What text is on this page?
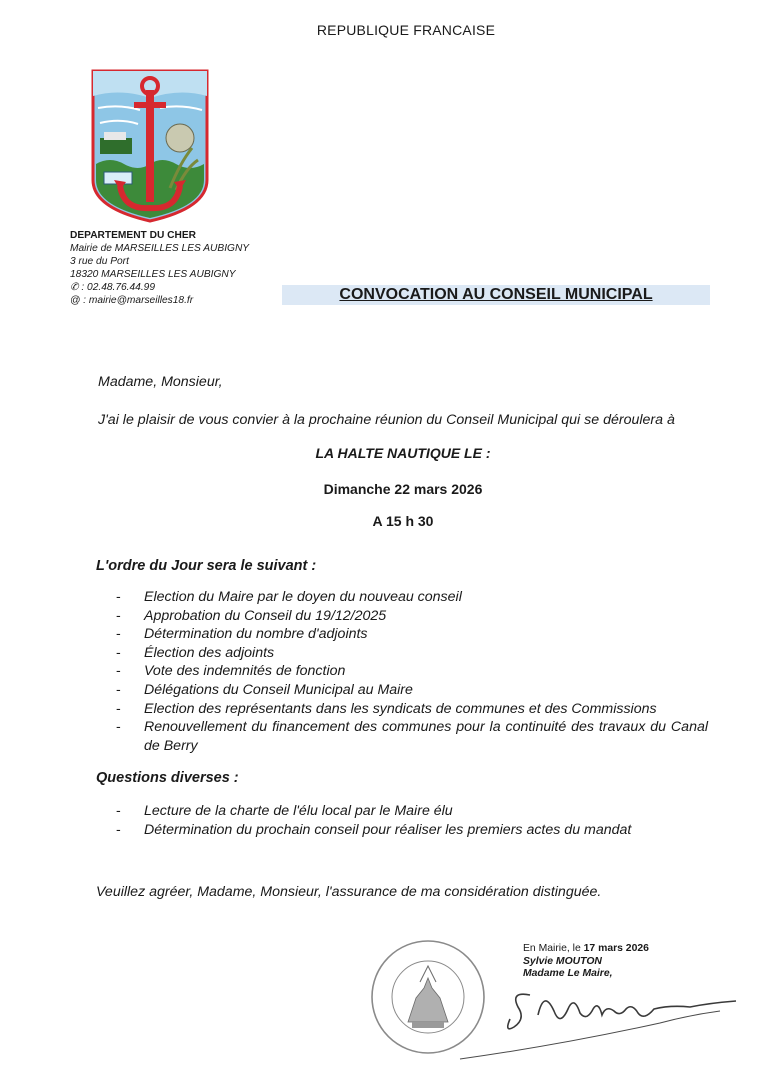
REPUBLIQUE FRANCAISE
DEPARTEMENT DU CHER
Mairie de MARSEILLES LES AUBIGNY
3 rue du Port
18320 MARSEILLES LES AUBIGNY
✆ : 02.48.76.44.99
@ : mairie@marseilles18.fr	CONVOCATION AU CONSEIL MUNICIPAL
Madame, Monsieur,
J'ai le plaisir de vous convier à la prochaine réunion du Conseil Municipal qui se déroulera à
LA HALTE NAUTIQUE LE :
Dimanche 22 mars 2026
A 15 h 30
L'ordre du Jour sera le suivant :
- Election du Maire par le doyen du nouveau conseil
- Approbation du Conseil du 19/12/2025
- Détermination du nombre d'adjoints
- Élection des adjoints
- Vote des indemnités de fonction
- Délégations du Conseil Municipal au Maire
- Election des représentants dans les syndicats de communes et des Commissions
- Renouvellement du financement des communes pour la continuité des travaux du Canal de Berry
Questions diverses :
- Lecture de la charte de l'élu local par le Maire élu
- Détermination du prochain conseil pour réaliser les premiers actes du mandat
Veuillez agréer, Madame, Monsieur, l'assurance de ma considération distinguée.
En Mairie, le 17 mars 2026
Sylvie MOUTON
Madame Le Maire,
